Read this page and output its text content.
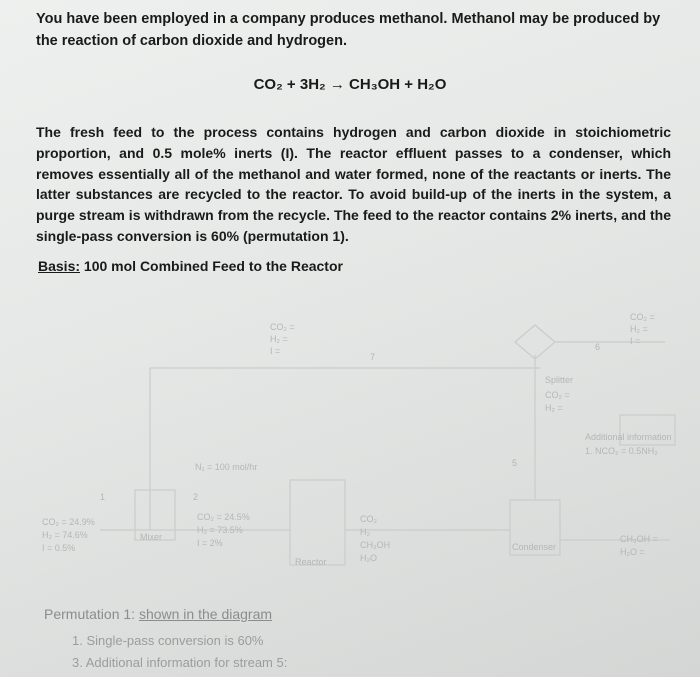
You have been employed in a company produces methanol. Methanol may be produced by the reaction of carbon dioxide and hydrogen.

CO₂ + 3H₂ → CH₃OH + H₂O

The fresh feed to the process contains hydrogen and carbon dioxide in stoichiometric proportion, and 0.5 mole% inerts (I). The reactor effluent passes to a condenser, which removes essentially all of the methanol and water formed, none of the reactants or inerts. The latter substances are recycled to the reactor. To avoid build-up of the inerts in the system, a purge stream is withdrawn from the recycle. The feed to the reactor contains 2% inerts, and the single-pass conversion is 60% (permutation 1).

Basis: 100 mol Combined Feed to the Reactor

CO₂ =
H₂ =
I =
7
Splitter
CO₂ =
H₂ =
6
CO₂ =
H₂ =
I =
Additional information
1. NCO₂ = 0.5NH₂
N₁ = 100 mol/hr
CO₂ = 24.9%
H₂ = 74.6%
I = 0.5%
1
Mixer
2
CO₂ = 24.5%
H₂ = 73.5%
I = 2%
Reactor
CO₂
H₂
CH₃OH
H₂O
5
Condenser
CH₃OH =
H₂O =

Permutation 1: shown in the diagram

1. Single-pass conversion is 60%
3. Additional information for stream 5:
